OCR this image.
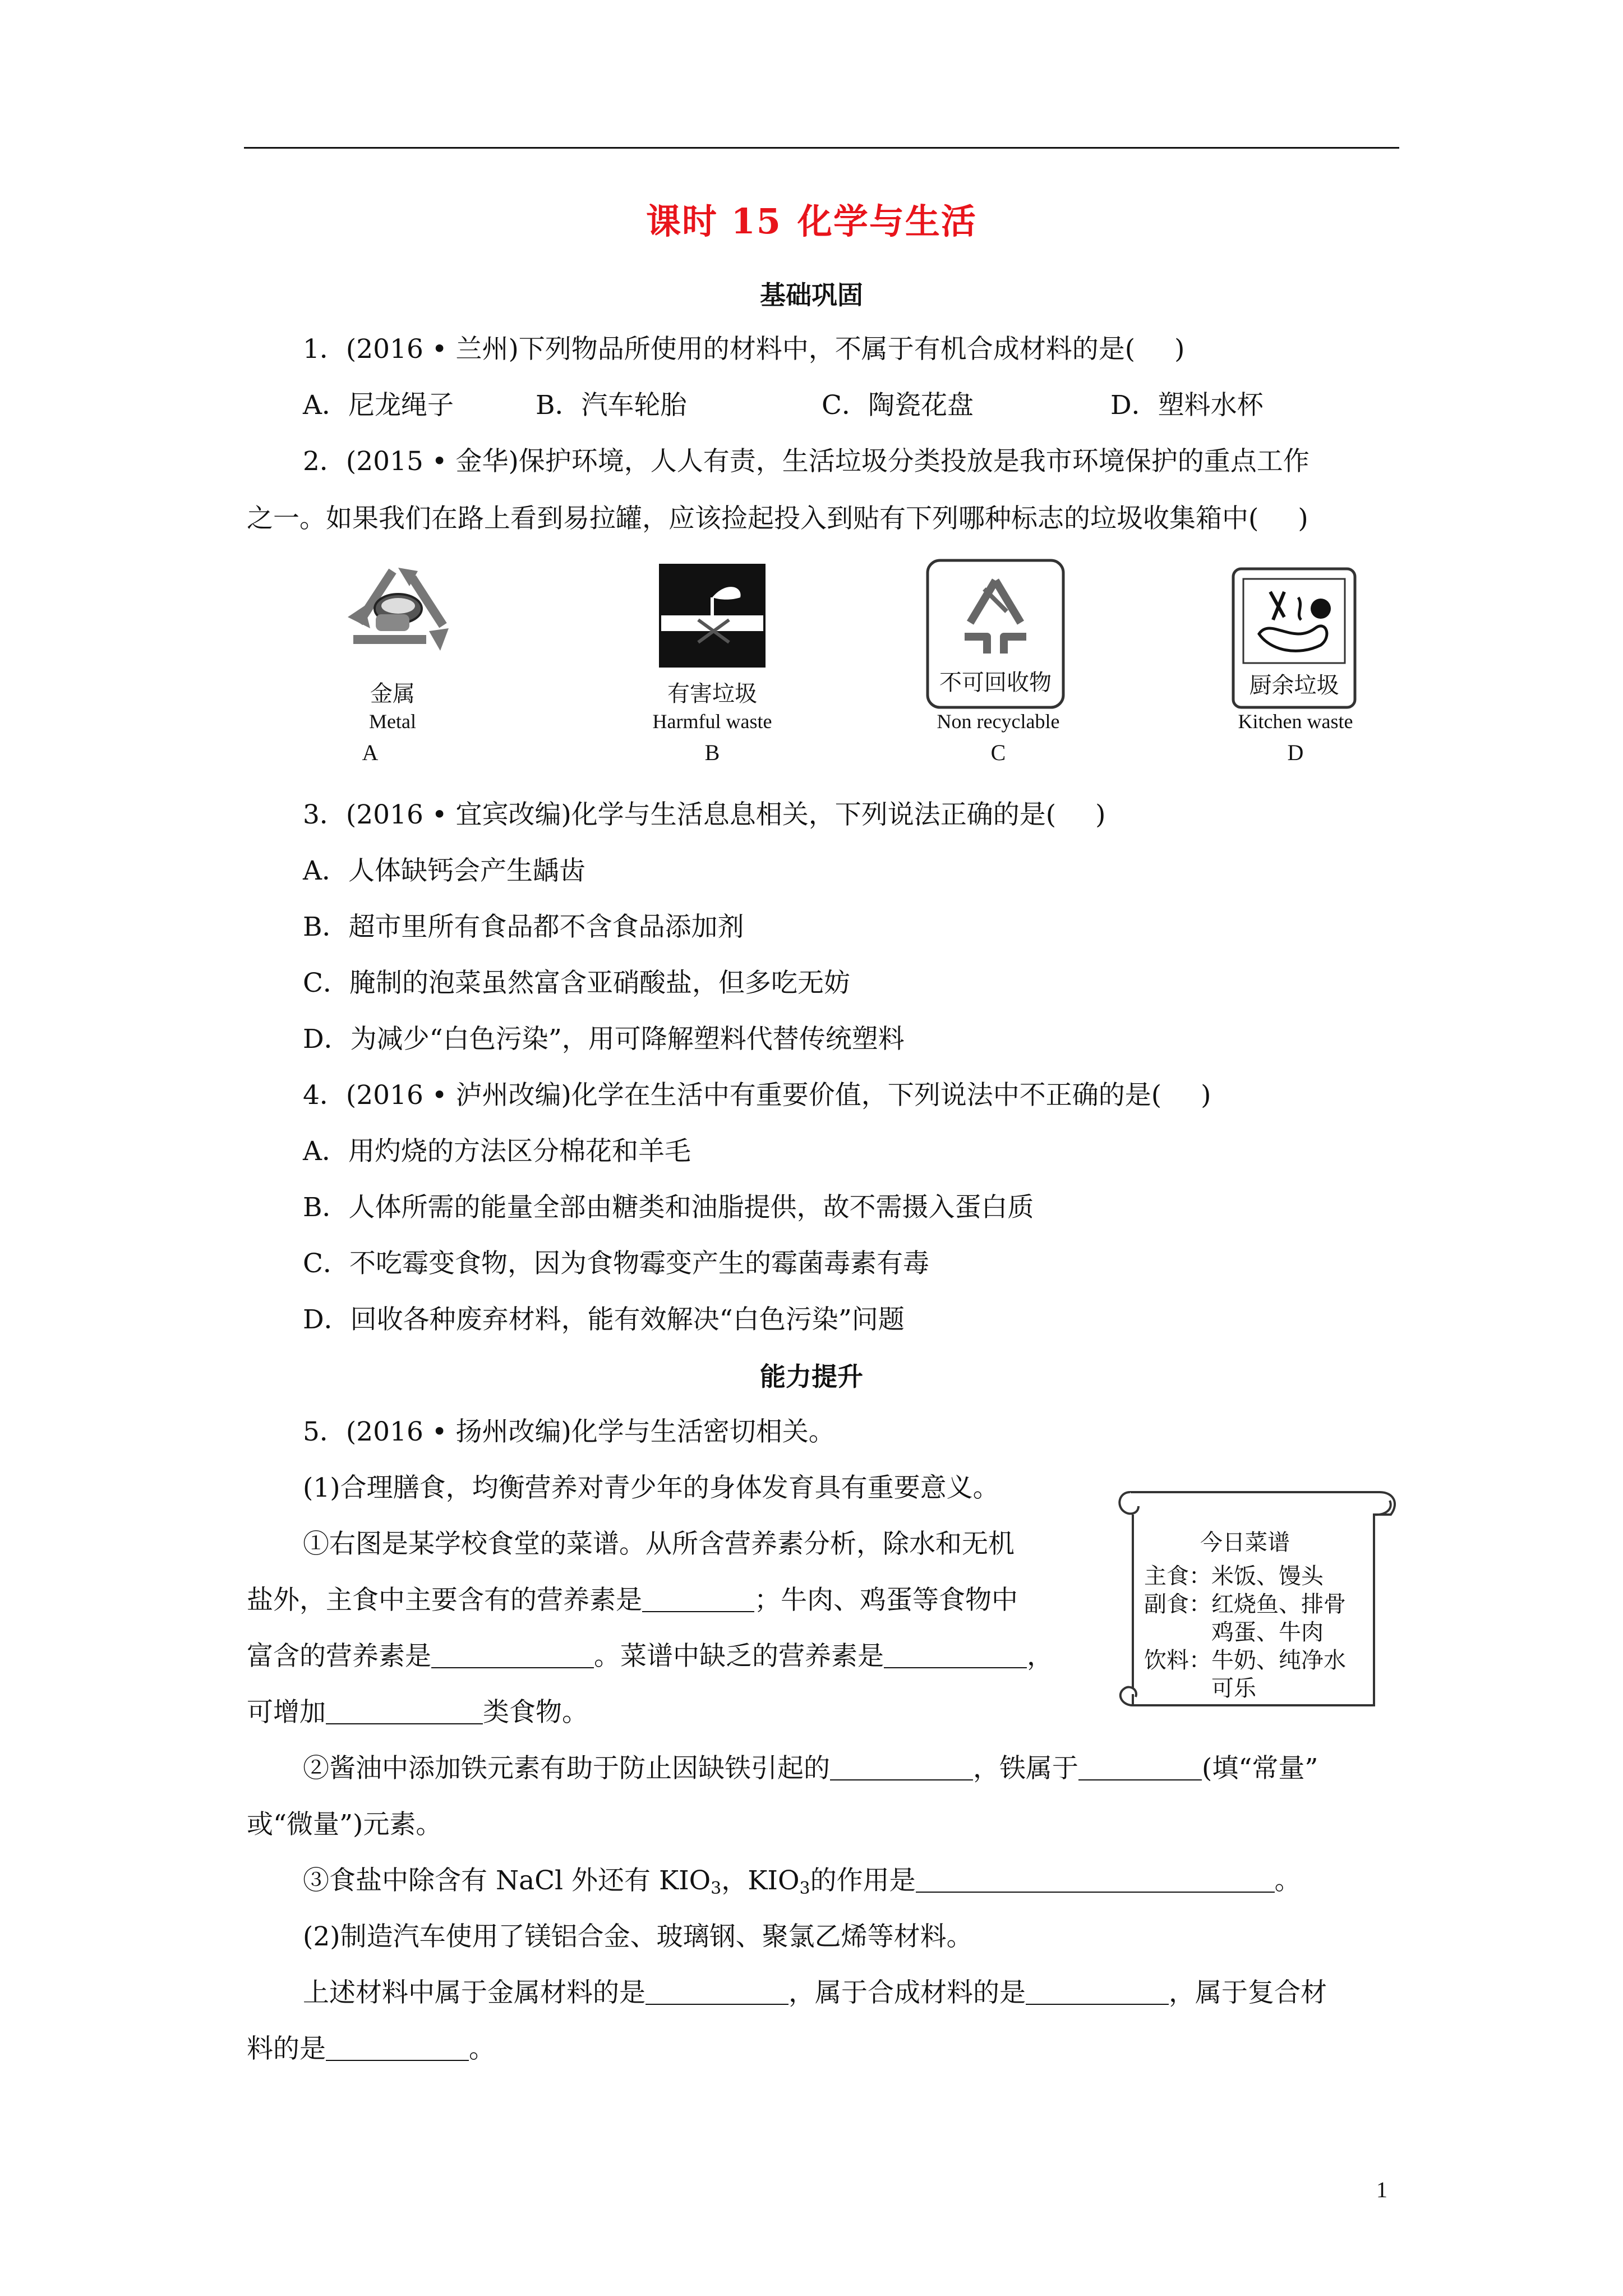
课时 15 化学与生活
基础巩固
1．(2016 • 兰州)下列物品所使用的材料中，不属于有机合成材料的是( )
A．尼龙绳子	B．汽车轮胎	C．陶瓷花盘	D．塑料水杯
2．(2015 • 金华)保护环境，人人有责，生活垃圾分类投放是我市环境保护的重点工作
之一。如果我们在路上看到易拉罐，应该捡起投入到贴有下列哪种标志的垃圾收集箱中( )
金属
Metal
A
有害垃圾
Harmful waste
B
不可回收物
Non recyclable
C
厨余垃圾
Kitchen waste
D
3．(2016 • 宜宾改编)化学与生活息息相关，下列说法正确的是( )
A．人体缺钙会产生龋齿
B．超市里所有食品都不含食品添加剂
C．腌制的泡菜虽然富含亚硝酸盐，但多吃无妨
D．为减少“白色污染”，用可降解塑料代替传统塑料
4．(2016 • 泸州改编)化学在生活中有重要价值，下列说法中不正确的是( )
A．用灼烧的方法区分棉花和羊毛
B．人体所需的能量全部由糖类和油脂提供，故不需摄入蛋白质
C．不吃霉变食物，因为食物霉变产生的霉菌毒素有毒
D．回收各种废弃材料，能有效解决“白色污染”问题
能力提升
5．(2016 • 扬州改编)化学与生活密切相关。
(1)合理膳食，均衡营养对青少年的身体发育具有重要意义。
①右图是某学校食堂的菜谱。从所含营养素分析，除水和无机
盐外，主食中主要含有的营养素是	；牛肉、鸡蛋等食物中
富含的营养素是	。菜谱中缺乏的营养素是	，
可增加	类食物。
②酱油中添加铁元素有助于防止因缺铁引起的	，铁属于	(填“常量”
或“微量”)元素。
③食盐中除含有 NaCl 外还有 $KIO_3$，$KIO_3$的作用是	。
(2)制造汽车使用了镁铝合金、玻璃钢、聚氯乙烯等材料。
上述材料中属于金属材料的是	，属于合成材料的是	，属于复合材
料的是	。
今日菜谱
主食：米饭、馒头
副食：红烧鱼、排骨
鸡蛋、牛肉
饮料：牛奶、纯净水
可乐
1
